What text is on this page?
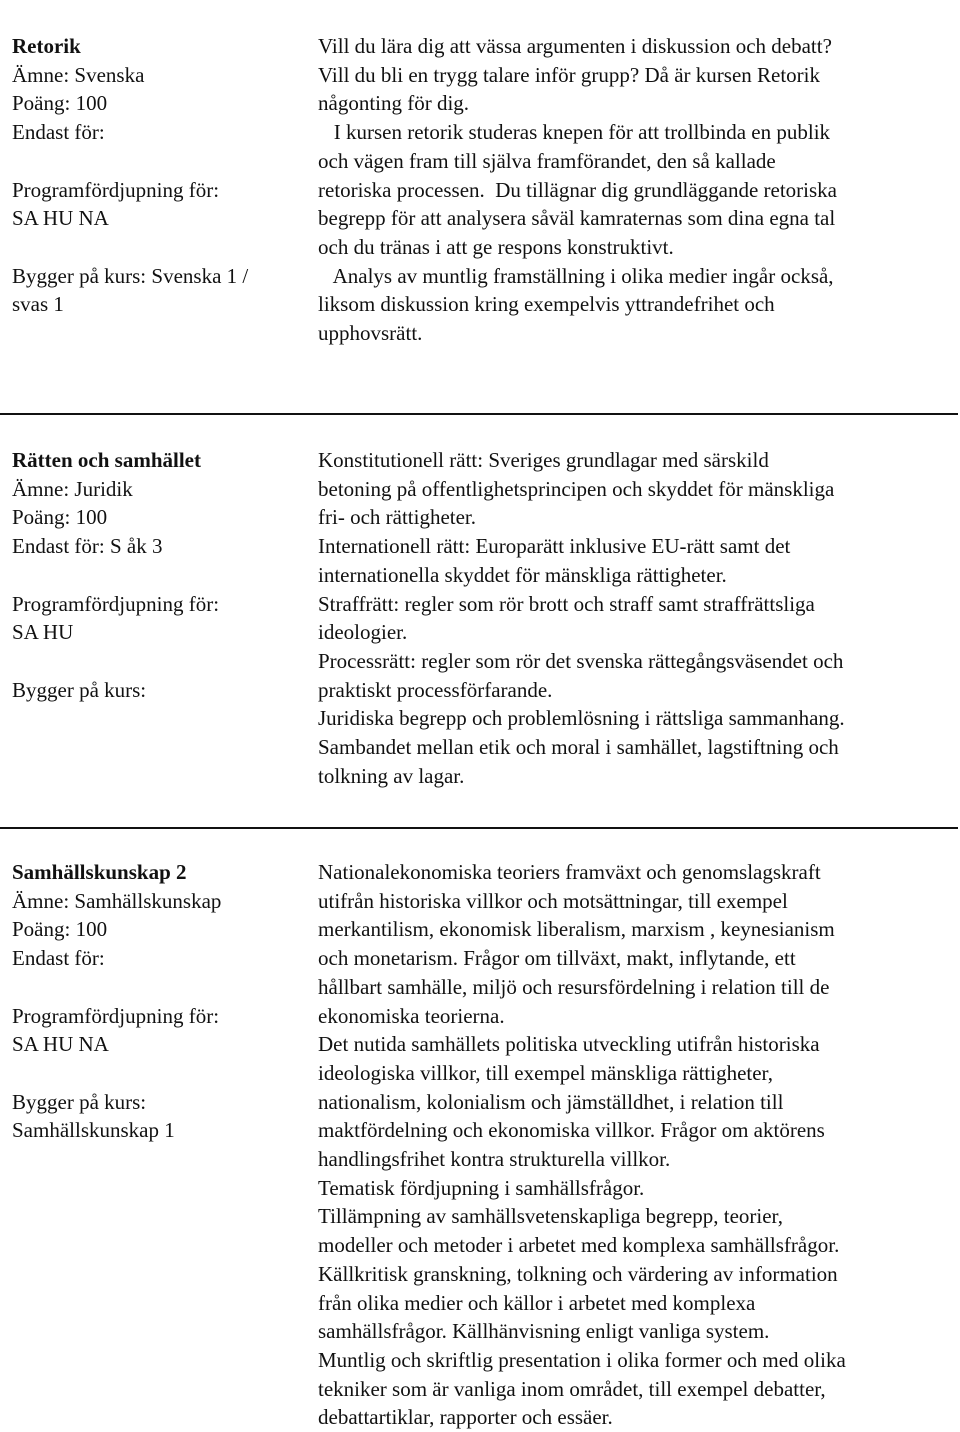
Retorik
Ämne: Svenska
Poäng: 100
Endast för:
Programfördjupning för:
SA HU NA
Bygger på kurs: Svenska 1 /
svas 1
Vill du lära dig att vässa argumenten i diskussion och debatt?
Vill du bli en trygg talare inför grupp? Då är kursen Retorik
någonting för dig.
I kursen retorik studeras knepen för att trollbinda en publik
och vägen fram till själva framförandet, den så kallade
retoriska processen.  Du tillägnar dig grundläggande retoriska
begrepp för att analysera såväl kamraternas som dina egna tal
och du tränas i att ge respons konstruktivt.
Analys av muntlig framställning i olika medier ingår också,
liksom diskussion kring exempelvis yttrandefrihet och
upphovsrätt.
Rätten och samhället
Ämne: Juridik
Poäng: 100
Endast för: S åk 3
Programfördjupning för:
SA HU
Bygger på kurs:
Konstitutionell rätt: Sveriges grundlagar med särskild
betoning på offentlighetsprincipen och skyddet för mänskliga
fri- och rättigheter.
Internationell rätt: Europarätt inklusive EU-rätt samt det
internationella skyddet för mänskliga rättigheter.
Straffrätt: regler som rör brott och straff samt straffrättsliga
ideologier.
Processrätt: regler som rör det svenska rättegångsväsendet och
praktiskt processförfarande.
Juridiska begrepp och problemlösning i rättsliga sammanhang.
Sambandet mellan etik och moral i samhället, lagstiftning och
tolkning av lagar.
Samhällskunskap 2
Ämne: Samhällskunskap
Poäng: 100
Endast för:
Programfördjupning för:
SA HU NA
Bygger på kurs:
Samhällskunskap 1
Nationalekonomiska teoriers framväxt och genomslagskraft
utifrån historiska villkor och motsättningar, till exempel
merkantilism, ekonomisk liberalism, marxism , keynesianism
och monetarism. Frågor om tillväxt, makt, inflytande, ett
hållbart samhälle, miljö och resursfördelning i relation till de
ekonomiska teorierna.
Det nutida samhällets politiska utveckling utifrån historiska
ideologiska villkor, till exempel mänskliga rättigheter,
nationalism, kolonialism och jämställdhet, i relation till
maktfördelning och ekonomiska villkor. Frågor om aktörens
handlingsfrihet kontra strukturella villkor.
Tematisk fördjupning i samhällsfrågor.
Tillämpning av samhällsvetenskapliga begrepp, teorier,
modeller och metoder i arbetet med komplexa samhällsfrågor.
Källkritisk granskning, tolkning och värdering av information
från olika medier och källor i arbetet med komplexa
samhällsfrågor. Källhänvisning enligt vanliga system.
Muntlig och skriftlig presentation i olika former och med olika
tekniker som är vanliga inom området, till exempel debatter,
debattartiklar, rapporter och essäer.
